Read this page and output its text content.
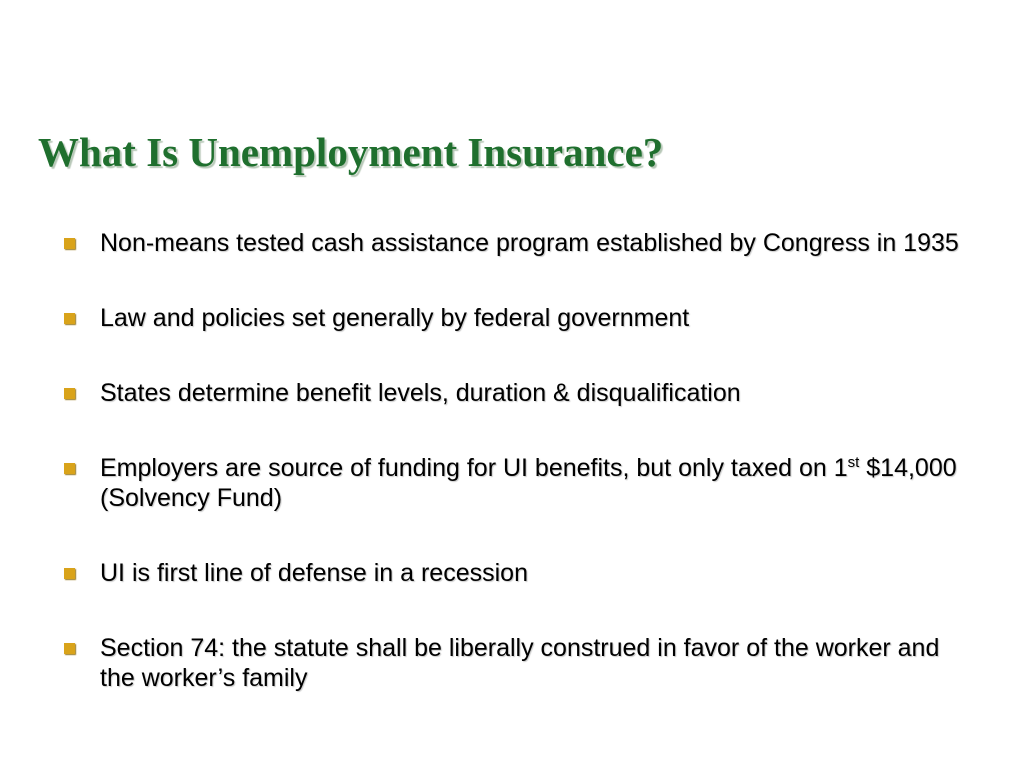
What Is Unemployment Insurance?
Non-means tested cash assistance program established by Congress in 1935
Law and policies set generally by federal government
States determine benefit levels, duration & disqualification
Employers are source of funding for UI benefits, but only taxed on 1st $14,000 (Solvency Fund)
UI is first line of defense in a recession
Section 74: the statute shall be liberally construed in favor of the worker and the worker’s family
